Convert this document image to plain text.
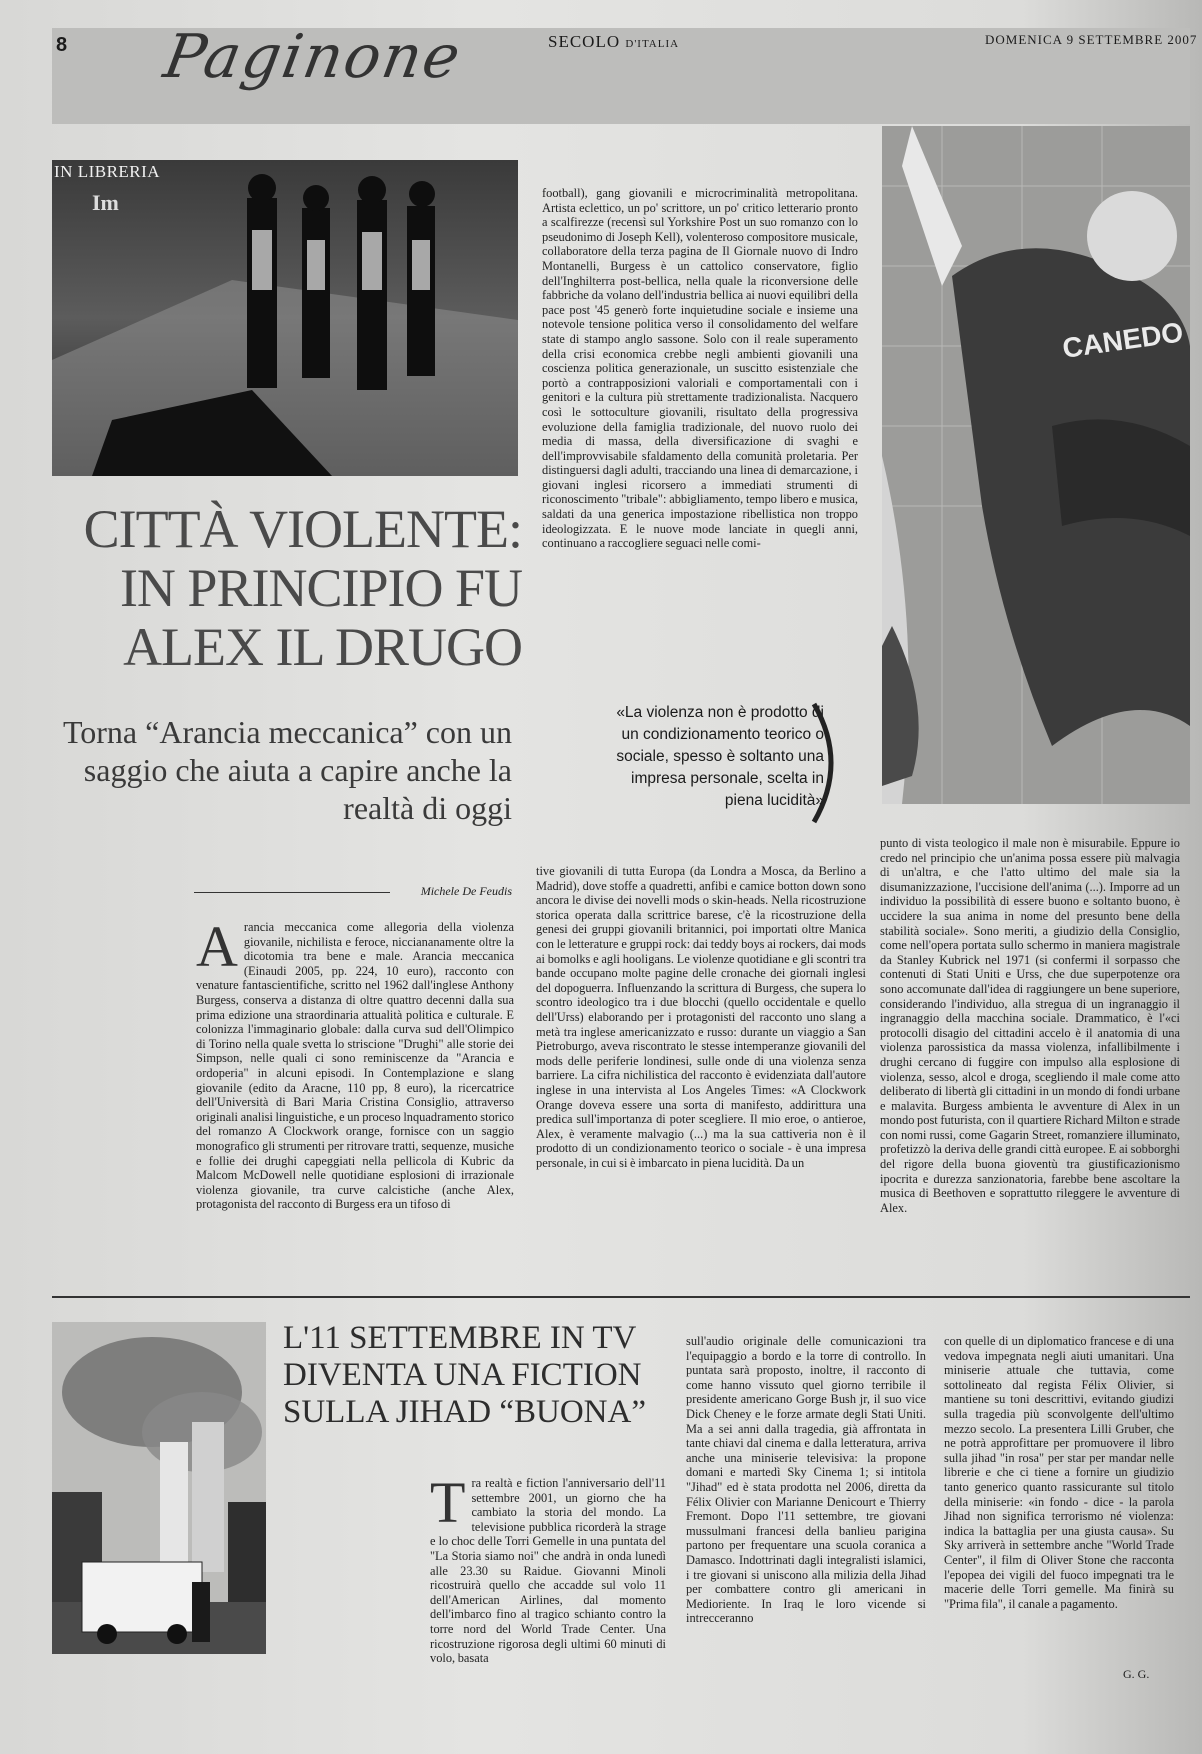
8 Paginone	SECOLO D'ITALIA	DOMENICA 9 SETTEMBRE 2007
Im
IN LIBRERIA
CANEDO
CITTÀ VIOLENTE: IN PRINCIPIO FU ALEX IL DRUGO
Torna “Arancia meccanica” con un saggio che aiuta a capire anche la realtà di oggi
Michele De Feudis
A rancia meccanica come allegoria della violenza giovanile, nichilista e feroce, nicciananamente oltre la dicotomia tra bene e male. Arancia meccanica (Einaudi 2005, pp. 224, 10 euro), racconto con venature fantascientifiche, scritto nel 1962 dall'inglese Anthony Burgess, conserva a distanza di oltre quattro decenni dalla sua prima edizione una straordinaria attualità politica e culturale. E colonizza l'immaginario globale: dalla curva sud dell'Olimpico di Torino nella quale svetta lo striscione "Drughi" alle storie dei Simpson, nelle quali ci sono reminiscenze da "Arancia e ordoperia" in alcuni episodi. In Contemplazione e slang giovanile (edito da Aracne, 110 pp, 8 euro), la ricercatrice dell'Università di Bari Maria Cristina Consiglio, attraverso originali analisi linguistiche, e un proceso lnquadramento storico del romanzo A Clockwork orange, fornisce con un saggio monografico gli strumenti per ritrovare tratti, sequenze, musiche e follie dei drughi capeggiati nella pellicola di Kubric da Malcom McDowell nelle quotidiane esplosioni di irrazionale violenza giovanile, tra curve calcistiche (anche Alex, protagonista del racconto di Burgess era un tifoso di
football), gang giovanili e microcriminalità metropolitana. Artista eclettico, un po' scrittore, un po' critico letterario pronto a scalfirezze (recensì sul Yorkshire Post un suo romanzo con lo pseudonimo di Joseph Kell), volenteroso compositore musicale, collaboratore della terza pagina de Il Giornale nuovo di Indro Montanelli, Burgess è un cattolico conservatore, figlio dell'Inghilterra post-bellica, nella quale la riconversione delle fabbriche da volano dell'industria bellica ai nuovi equilibri della pace post '45 generò forte inquietudine sociale e insieme una notevole tensione politica verso il consolidamento del welfare state di stampo anglo sassone. Solo con il reale superamento della crisi economica crebbe negli ambienti giovanili una coscienza politica generazionale, un suscitto esistenziale che portò a contrapposizioni valoriali e comportamentali con i genitori e la cultura più strettamente tradizionalista. Nacquero così le sottoculture giovanili, risultato della progressiva evoluzione della famiglia tradizionale, del nuovo ruolo dei media di massa, della diversificazione di svaghi e dell'improvvisabile sfaldamento della comunità proletaria. Per distinguersi dagli adulti, tracciando una linea di demarcazione, i giovani inglesi ricorsero a immediati strumenti di riconoscimento "tribale": abbigliamento, tempo libero e musica, saldati da una generica impostazione ribellistica non troppo ideologizzata. E le nuove mode lanciate in quegli anni, continuano a raccogliere seguaci nelle comi-
«La violenza non è prodotto di un condizionamento teorico o sociale, spesso è soltanto una impresa personale, scelta in piena lucidità»
tive giovanili di tutta Europa (da Londra a Mosca, da Berlino a Madrid), dove stoffe a quadretti, anfibi e camice botton down sono ancora le divise dei novelli mods o skin-heads. Nella ricostruzione storica operata dalla scrittrice barese, c'è la ricostruzione della genesi dei gruppi giovanili britannici, poi importati oltre Manica con le letterature e gruppi rock: dai teddy boys ai rockers, dai mods ai bomolks e agli hooligans. Le violenze quotidiane e gli scontri tra bande occupano molte pagine delle cronache dei giornali inglesi del dopoguerra. Influenzando la scrittura di Burgess, che supera lo scontro ideologico tra i due blocchi (quello occidentale e quello dell'Urss) elaborando per i protagonisti del racconto uno slang a metà tra inglese americanizzato e russo: durante un viaggio a San Pietroburgo, aveva riscontrato le stesse intemperanze giovanili del mods delle periferie londinesi, sulle onde di una violenza senza barriere. La cifra nichilistica del racconto è evidenziata dall'autore inglese in una intervista al Los Angeles Times: «A Clockwork Orange doveva essere una sorta di manifesto, addirittura una predica sull'importanza di poter scegliere. Il mio eroe, o antieroe, Alex, è veramente malvagio (...) ma la sua cattiveria non è il prodotto di un condizionamento teorico o sociale - è una impresa personale, in cui si è imbarcato in piena lucidità. Da un
punto di vista teologico il male non è misurabile. Eppure io credo nel principio che un'anima possa essere più malvagia di un'altra, e che l'atto ultimo del male sia la disumanizzazione, l'uccisione dell'anima (...). Imporre ad un individuo la possibilità di essere buono e soltanto buono, è uccidere la sua anima in nome del presunto bene della stabilità sociale». Sono meriti, a giudizio della Consiglio, come nell'opera portata sullo schermo in maniera magistrale da Stanley Kubrick nel 1971 (si confermi il sorpasso che contenuti di Stati Uniti e Urss, che due superpotenze ora sono accomunate dall'idea di raggiungere un bene superiore, considerando l'individuo, alla stregua di un ingranaggio il ingranaggio della macchina sociale. Drammatico, è l'«ci protocolli disagio del cittadini accelo è il anatomia di una violenza parossistica da massa violenza, infallibilmente i drughi cercano di fuggire con impulso alla esplosione di violenza, sesso, alcol e droga, scegliendo il male come atto deliberato di libertà gli cittadini in un mondo di fondi urbane e malavita. Burgess ambienta le avventure di Alex in un mondo post futurista, con il quartiere Richard Milton e strade con nomi russi, come Gagarin Street, romanziere illuminato, profetizzò la deriva delle grandi città europee. E ai sobborghi del rigore della buona gioventù tra giustificazionismo ipocrita e durezza sanzionatoria, farebbe bene ascoltare la musica di Beethoven e soprattutto rileggere le avventure di Alex.
L'11 SETTEMBRE IN TV DIVENTA UNA FICTION SULLA JIHAD “BUONA”
T ra realtà e fiction l'anniversario dell'11 settembre 2001, un giorno che ha cambiato la storia del mondo. La televisione pubblica ricorderà la strage e lo choc delle Torri Gemelle in una puntata del "La Storia siamo noi" che andrà in onda lunedì alle 23.30 su Raidue. Giovanni Minoli ricostruirà quello che accadde sul volo 11 dell'American Airlines, dal momento dell'imbarco fino al tragico schianto contro la torre nord del World Trade Center. Una ricostruzione rigorosa degli ultimi 60 minuti di volo, basata
sull'audio originale delle comunicazioni tra l'equipaggio a bordo e la torre di controllo. In puntata sarà proposto, inoltre, il racconto di come hanno vissuto quel giorno terribile il presidente americano Gorge Bush jr, il suo vice Dick Cheney e le forze armate degli Stati Uniti. Ma a sei anni dalla tragedia, già affrontata in tante chiavi dal cinema e dalla letteratura, arriva anche una miniserie televisiva: la propone domani e martedì Sky Cinema 1; si intitola "Jihad" ed è stata prodotta nel 2006, diretta da Félix Olivier con Marianne Denicourt e Thierry Fremont. Dopo l'11 settembre, tre giovani mussulmani francesi della banlieu parigina partono per frequentare una scuola coranica a Damasco. Indottrinati dagli integralisti islamici, i tre giovani si uniscono alla milizia della Jihad per combattere contro gli americani in Medioriente. In Iraq le loro vicende si intrecceranno
con quelle di un diplomatico francese e di una vedova impegnata negli aiuti umanitari. Una miniserie attuale che tuttavia, come sottolineato dal regista Félix Olivier, si mantiene su toni descrittivi, evitando giudizi sulla tragedia più sconvolgente dell'ultimo mezzo secolo. La presentera Lilli Gruber, che ne potrà approfittare per promuovere il libro sulla jihad "in rosa" per star per mandar nelle librerie e che ci tiene a fornire un giudizio tanto generico quanto rassicurante sul titolo della miniserie: «in fondo - dice - la parola Jihad non significa terrorismo né violenza: indica la battaglia per una giusta causa». Su Sky arriverà in settembre anche "World Trade Center", il film di Oliver Stone che racconta l'epopea dei vigili del fuoco impegnati tra le macerie delle Torri gemelle. Ma finirà su "Prima fila", il canale a pagamento.
G. G.
